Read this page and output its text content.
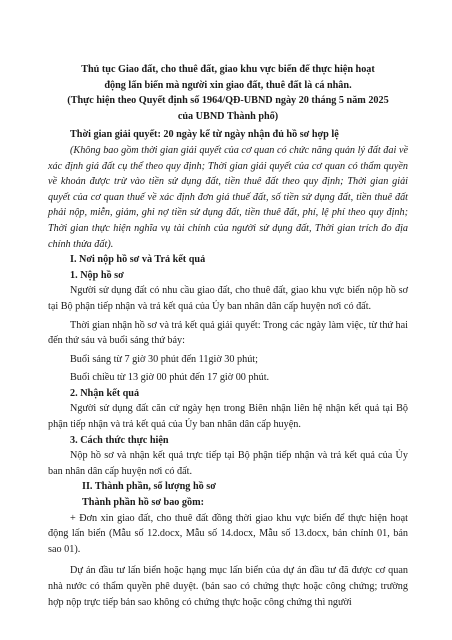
Thủ tục Giao đất, cho thuê đất, giao khu vực biển để thực hiện hoạt

động lấn biển mà người xin giao đất, thuê đất là cá nhân.

(Thực hiện theo Quyết định số 1964/QĐ-UBND ngày 20 tháng 5 năm 2025

của UBND Thành phố)

Thời gian giải quyết: 20 ngày kể từ ngày nhận đủ hồ sơ hợp lệ

(Không bao gồm thời gian giải quyết của cơ quan có chức năng quản lý đất đai về xác định giá đất cụ thể theo quy định; Thời gian giải quyết của cơ quan có thẩm quyền về khoản được trừ vào tiền sử dụng đất, tiền thuê đất theo quy định; Thời gian giải quyết của cơ quan thuế về xác định đơn giá thuế đất, số tiền sử dụng đất, tiền thuê đất phải nộp, miễn, giảm, ghi nợ tiền sử dụng đất, tiền thuê đất, phí, lệ phí theo quy định; Thời gian thực hiện nghĩa vụ tài chính của người sử dụng đất, Thời gian trích đo địa chính thửa đất).

I. Nơi nộp hồ sơ và Trả kết quả

1. Nộp hồ sơ

Người sử dụng đất có nhu cầu giao đất, cho thuê đất, giao khu vực biển nộp hồ sơ tại Bộ phận tiếp nhận và trả kết quả của Ủy ban nhân dân cấp huyện nơi có đất.

Thời gian nhận hồ sơ và trả kết quả giải quyết: Trong các ngày làm việc, từ thứ hai đến thứ sáu và buổi sáng thứ bảy:

Buổi sáng từ 7 giờ 30 phút đến 11giờ 30 phút;

Buổi chiều từ 13 giờ 00 phút đến 17 giờ 00 phút.

2. Nhận kết quả

Người sử dụng đất căn cứ ngày hẹn trong Biên nhận liên hệ nhận kết quả tại Bộ phận tiếp nhận và trả kết quả của Ủy ban nhân dân cấp huyện.

3. Cách thức thực hiện

Nộp hồ sơ và nhận kết quả trực tiếp tại Bộ phận tiếp nhận và trả kết quả của Ủy ban nhân dân cấp huyện nơi có đất.

II. Thành phần, số lượng hồ sơ

Thành phần hồ sơ bao gồm:

+ Đơn xin giao đất, cho thuê đất đồng thời giao khu vực biển để thực hiện hoạt động lấn biển (Mẫu số 12.docx, Mẫu số 14.docx, Mẫu số 13.docx, bản chính 01, bản sao 01).

Dự án đầu tư lấn biển hoặc hạng mục lấn biển của dự án đầu tư đã được cơ quan nhà nước có thẩm quyền phê duyệt. (bản sao có chứng thực hoặc công chứng; trường hợp nộp trực tiếp bản sao không có chứng thực hoặc công chứng thì người
